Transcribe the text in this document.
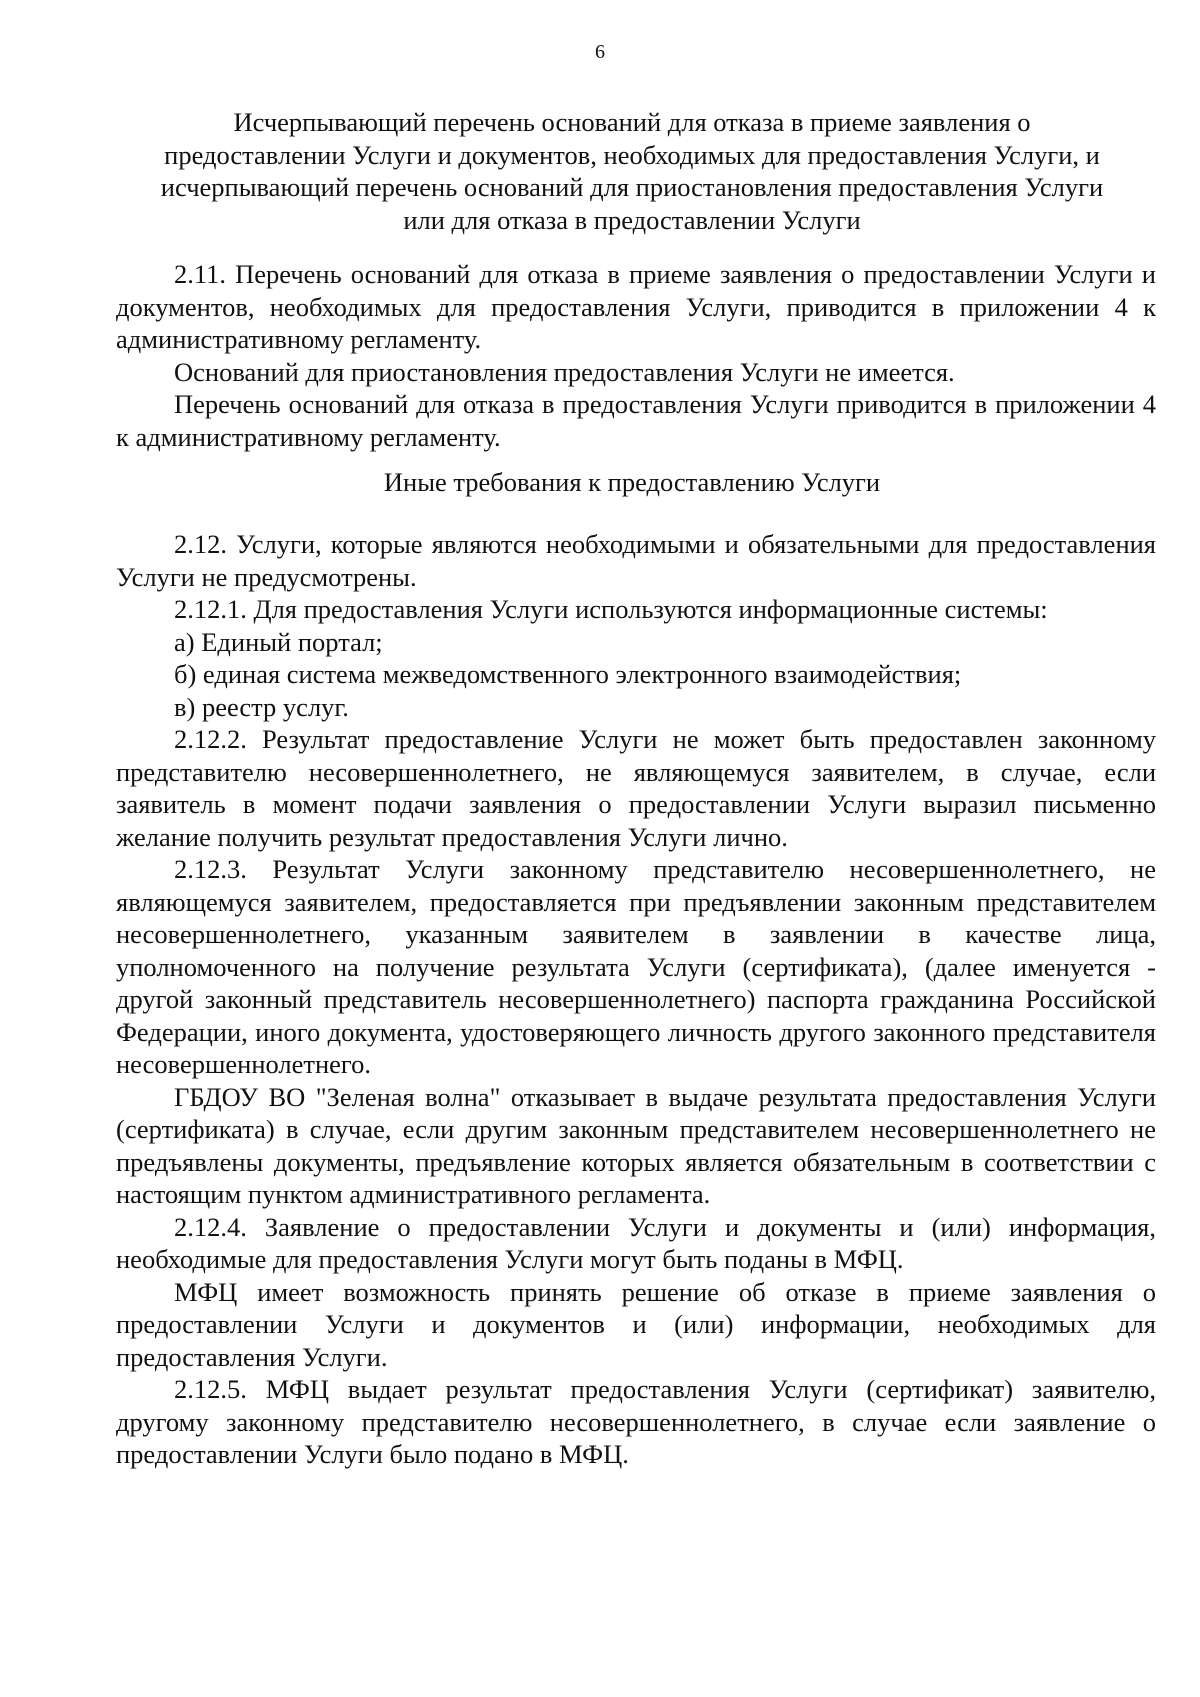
6

Исчерпывающий перечень оснований для отказа в приеме заявления о

предоставлении Услуги и документов, необходимых для предоставления Услуги, и

исчерпывающий перечень оснований для приостановления предоставления Услуги

или для отказа в предоставлении Услуги

2.11. Перечень оснований для отказа в приеме заявления о предоставлении Услуги и документов, необходимых для предоставления Услуги, приводится в приложении 4 к административному регламенту.

Оснований для приостановления предоставления Услуги не имеется.

Перечень оснований для отказа в предоставления Услуги приводится в приложении 4 к административному регламенту.

Иные требования к предоставлению Услуги

2.12. Услуги, которые являются необходимыми и обязательными для предоставления Услуги не предусмотрены.

2.12.1. Для предоставления Услуги используются информационные системы:

а) Единый портал;

б) единая система межведомственного электронного взаимодействия;

в) реестр услуг.

2.12.2. Результат предоставление Услуги не может быть предоставлен законному представителю несовершеннолетнего, не являющемуся заявителем, в случае, если заявитель в момент подачи заявления о предоставлении Услуги выразил письменно желание получить результат предоставления Услуги лично.

2.12.3. Результат Услуги законному представителю несовершеннолетнего, не являющемуся заявителем, предоставляется при предъявлении законным представителем несовершеннолетнего, указанным заявителем в заявлении в качестве лица, уполномоченного на получение результата Услуги (сертификата), (далее именуется - другой законный представитель несовершеннолетнего) паспорта гражданина Российской Федерации, иного документа, удостоверяющего личность другого законного представителя несовершеннолетнего.

ГБДОУ ВО "Зеленая волна" отказывает в выдаче результата предоставления Услуги (сертификата) в случае, если другим законным представителем несовершеннолетнего не предъявлены документы, предъявление которых является обязательным в соответствии с настоящим пунктом административного регламента.

2.12.4. Заявление о предоставлении Услуги и документы и (или) информация, необходимые для предоставления Услуги могут быть поданы в МФЦ.

МФЦ имеет возможность принять решение об отказе в приеме заявления о предоставлении Услуги и документов и (или) информации, необходимых для предоставления Услуги.

2.12.5. МФЦ выдает результат предоставления Услуги (сертификат) заявителю, другому законному представителю несовершеннолетнего, в случае если заявление о предоставлении Услуги было подано в МФЦ.
